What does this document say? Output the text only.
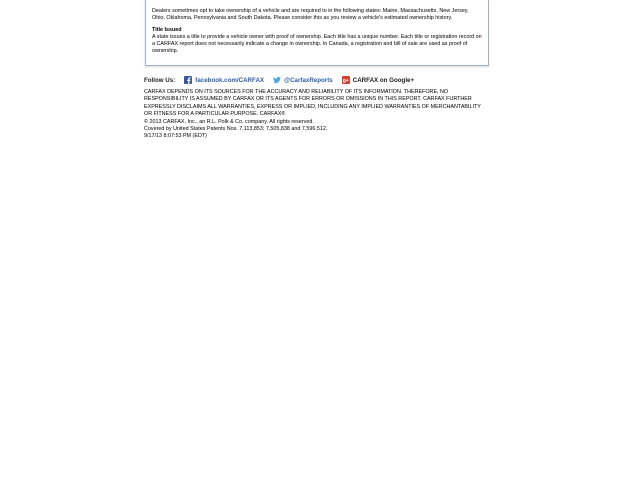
Dealers sometimes opt to take ownership of a vehicle and are required to in the following states: Maine, Massachusetts, New Jersey, Ohio, Oklahoma, Pennsylvania and South Dakota. Please consider this as you review a vehicle's estimated ownership history.

Title Issued

A state issues a title to provide a vehicle owner with proof of ownership. Each title has a unique number. Each title or registration record on a CARFAX report does not necessarily indicate a change in ownership. In Canada, a registration and bill of sale are used as proof of ownership.

Follow Us:	facebook.com/CARFAX	@CarfaxReports g+ CARFAX on Google+

CARFAX DEPENDS ON ITS SOURCES FOR THE ACCURACY AND RELIABILITY OF ITS INFORMATION. THEREFORE, NO RESPONSIBILITY IS ASSUMED BY CARFAX OR ITS AGENTS FOR ERRORS OR OMISSIONS IN THIS REPORT. CARFAX FURTHER EXPRESSLY DISCLAIMS ALL WARRANTIES, EXPRESS OR IMPLIED, INCLUDING ANY IMPLIED WARRANTIES OF MERCHANTABILITY OR FITNESS FOR A PARTICULAR PURPOSE. CARFAX®

© 2013 CARFAX, Inc., an R.L. Polk & Co. company. All rights reserved.

Covered by United States Patents Nos. 7,113,853; 7,505,838 and 7,596,512.

9/17/13 8:07:53 PM (EDT)
